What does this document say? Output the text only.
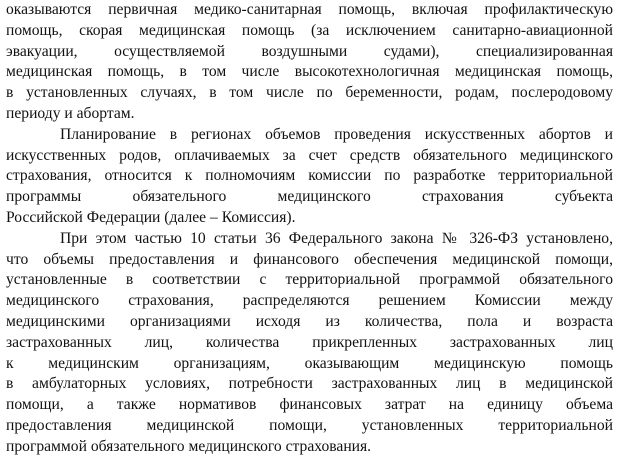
оказываются первичная медико-санитарная помощь, включая профилактическую
помощь, скорая медицинская помощь (за исключением санитарно-авиационной
эвакуации, осуществляемой воздушными судами), специализированная
медицинская помощь, в том числе высокотехнологичная медицинская помощь,
в установленных случаях, в том числе по беременности, родам, послеродовому
периоду и абортам.
Планирование в регионах объемов проведения искусственных абортов и
искусственных родов, оплачиваемых за счет средств обязательного медицинского
страхования, относится к полномочиям комиссии по разработке территориальной
программы обязательного медицинского страхования субъекта
Российской Федерации (далее – Комиссия).
При этом частью 10 статьи 36 Федерального закона № 326-ФЗ установлено,
что объемы предоставления и финансового обеспечения медицинской помощи,
установленные в соответствии с территориальной программой обязательного
медицинского страхования, распределяются решением Комиссии между
медицинскими организациями исходя из количества, пола и возраста
застрахованных лиц, количества прикрепленных застрахованных лиц
к медицинским организациям, оказывающим медицинскую помощь
в амбулаторных условиях, потребности застрахованных лиц в медицинской
помощи, а также нормативов финансовых затрат на единицу объема
предоставления медицинской помощи, установленных территориальной
программой обязательного медицинского страхования.
